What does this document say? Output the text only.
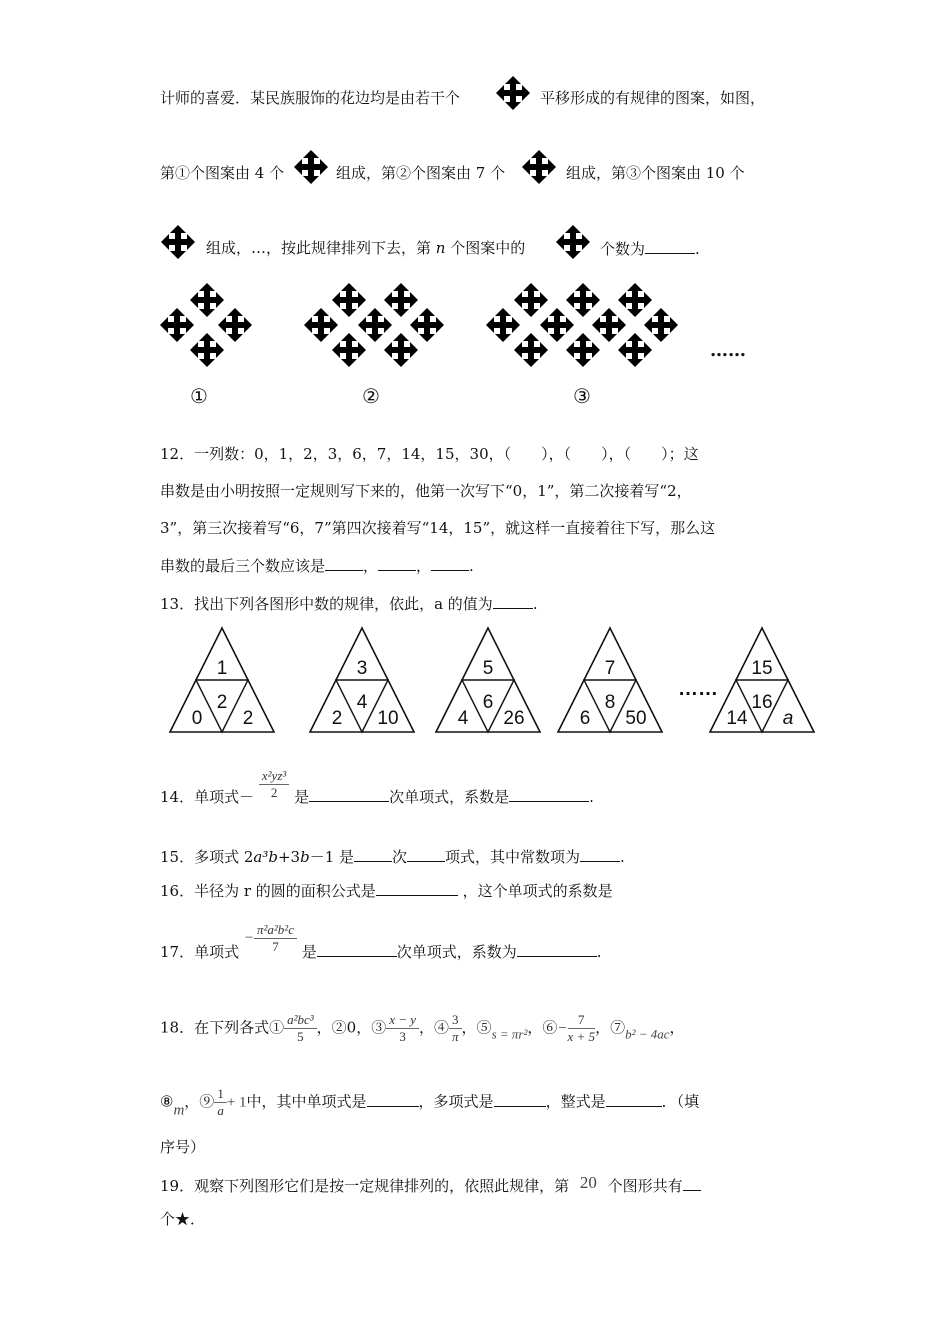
计师的喜爱．某民族服饰的花边均是由若干个	平移形成的有规律的图案，如图，
第①个图案由 4 个	组成，第②个图案由 7 个	组成，第③个图案由 10 个
组成，…，按此规律排列下去，第 n 个图案中的	个数为	.
……
①	②	③
12．一列数：0，1，2，3，6，7，14，15，30，（　　），（　　），（　　）；这
串数是由小明按照一定规则写下来的，他第一次写下“0，1”，第二次接着写“2，
3”，第三次接着写“6，7”第四次接着写“14，15”，就这样一直接着往下写，那么这
串数的最后三个数应该是	，	，	.
13．找出下列各图形中数的规律，依此，a 的值为	.
1
2
0 2
3
4
2 10
5
6
4 26
7
8
6 50
15
16
14 a
……
14．单项式－ $\frac{\text{x²yz³}}{2}$ 是	次单项式，系数是	.
15．多项式 2a³b+3b－1 是	次	项式，其中常数项为	.
16．半径为 r 的圆的面积公式是	，这个单项式的系数是
17．单项式 − $\frac{\text{π²a²b²c}}{7}$ 是	次单项式，系数为	.
18．在下列各式① $\frac{\text{a²bc³}}{5}$ ，②0，③ $\frac{x - y}{3}$ ，④ $\frac{3}{\pi}$ ，⑤s = πr²，⑥− $\frac{7}{x + 5}$ ，⑦b² − 4ac，
⑧m，⑨ $\frac{1}{a} + 1$中，其中单项式是	，多项式是	，整式是	．（填
序号）
19．观察下列图形它们是按一定规律排列的，依照此规律，第 20 个图形共有
个★．
